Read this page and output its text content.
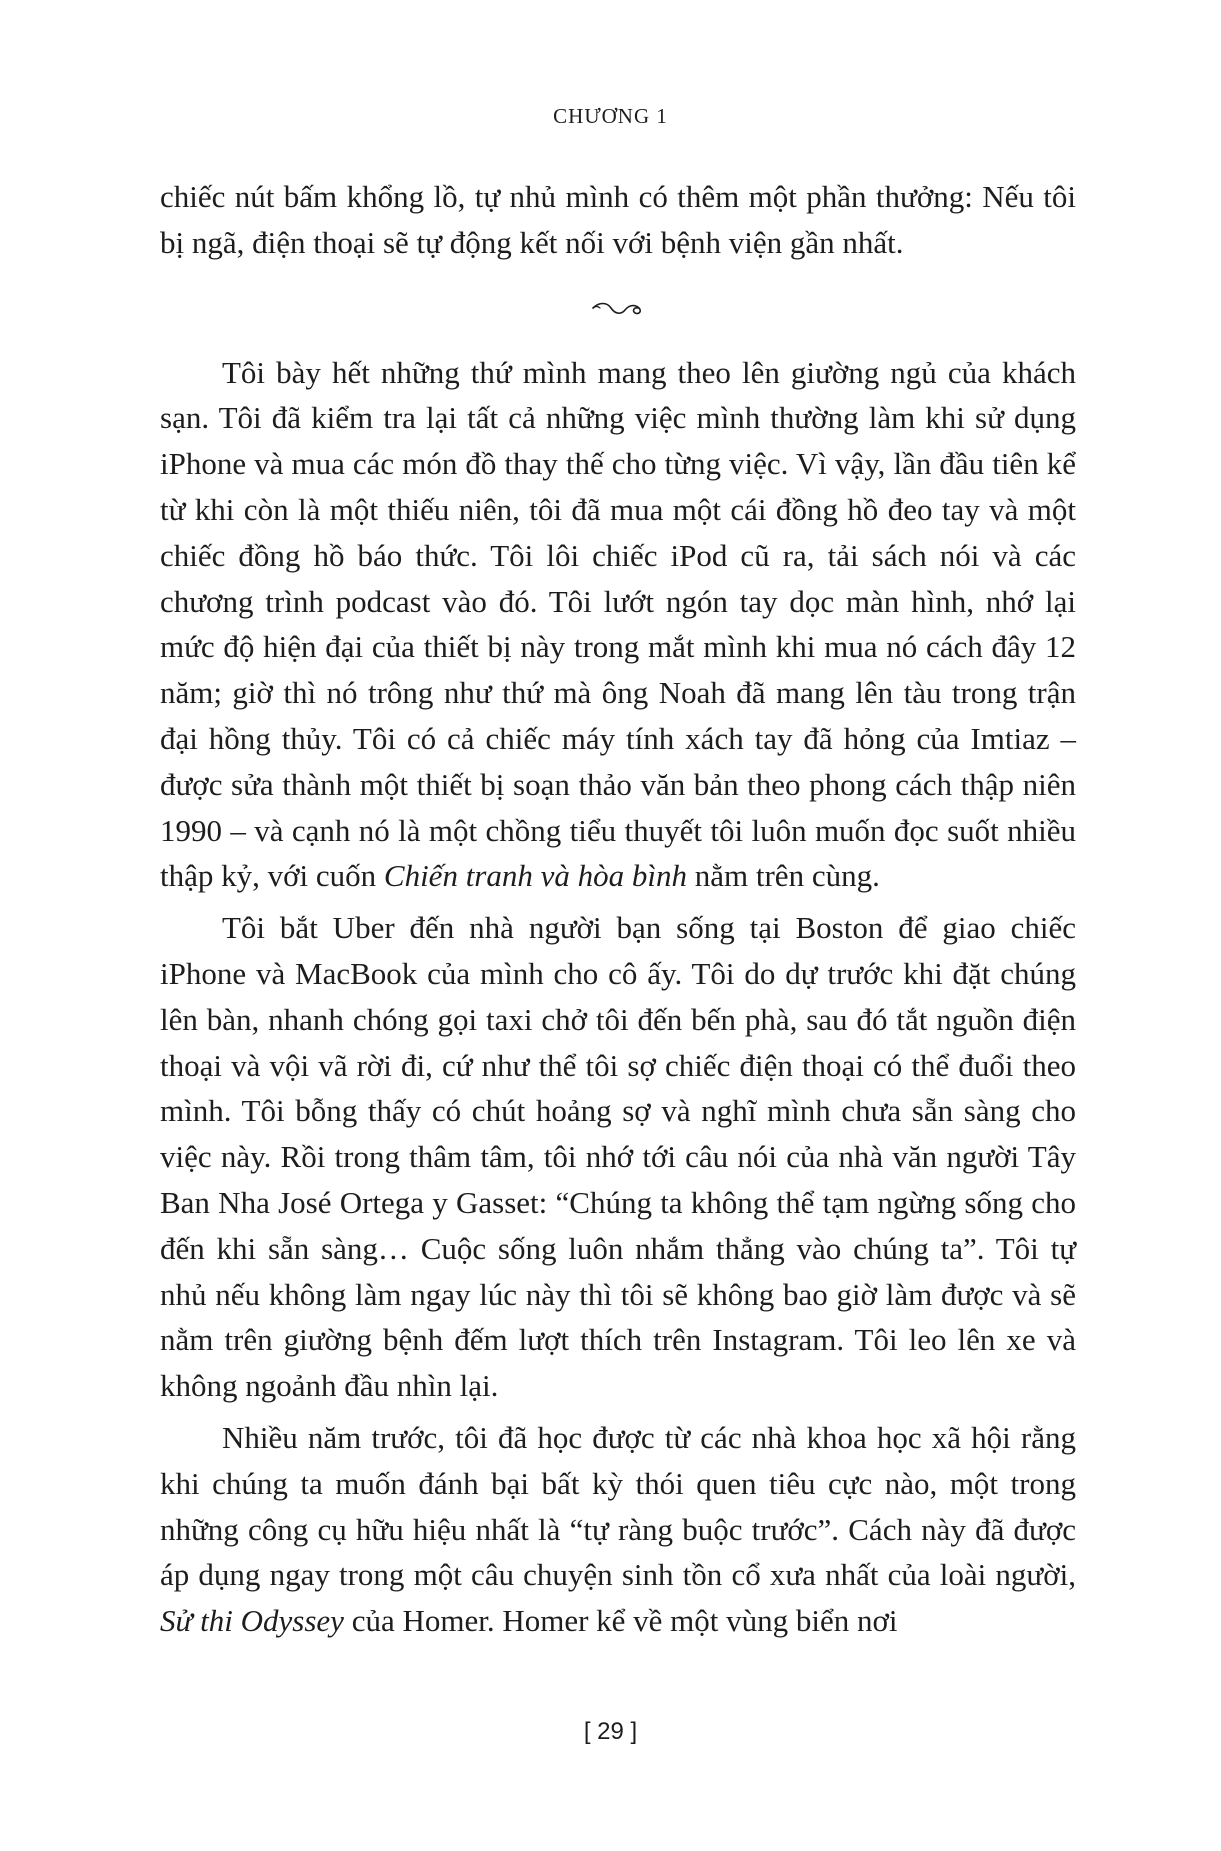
CHƯƠNG 1

chiếc nút bấm khổng lồ, tự nhủ mình có thêm một phần thưởng: Nếu tôi bị ngã, điện thoại sẽ tự động kết nối với bệnh viện gần nhất.

Tôi bày hết những thứ mình mang theo lên giường ngủ của khách sạn. Tôi đã kiểm tra lại tất cả những việc mình thường làm khi sử dụng iPhone và mua các món đồ thay thế cho từng việc. Vì vậy, lần đầu tiên kể từ khi còn là một thiếu niên, tôi đã mua một cái đồng hồ đeo tay và một chiếc đồng hồ báo thức. Tôi lôi chiếc iPod cũ ra, tải sách nói và các chương trình podcast vào đó. Tôi lướt ngón tay dọc màn hình, nhớ lại mức độ hiện đại của thiết bị này trong mắt mình khi mua nó cách đây 12 năm; giờ thì nó trông như thứ mà ông Noah đã mang lên tàu trong trận đại hồng thủy. Tôi có cả chiếc máy tính xách tay đã hỏng của Imtiaz – được sửa thành một thiết bị soạn thảo văn bản theo phong cách thập niên 1990 – và cạnh nó là một chồng tiểu thuyết tôi luôn muốn đọc suốt nhiều thập kỷ, với cuốn Chiến tranh và hòa bình nằm trên cùng.

Tôi bắt Uber đến nhà người bạn sống tại Boston để giao chiếc iPhone và MacBook của mình cho cô ấy. Tôi do dự trước khi đặt chúng lên bàn, nhanh chóng gọi taxi chở tôi đến bến phà, sau đó tắt nguồn điện thoại và vội vã rời đi, cứ như thể tôi sợ chiếc điện thoại có thể đuổi theo mình. Tôi bỗng thấy có chút hoảng sợ và nghĩ mình chưa sẵn sàng cho việc này. Rồi trong thâm tâm, tôi nhớ tới câu nói của nhà văn người Tây Ban Nha José Ortega y Gasset: “Chúng ta không thể tạm ngừng sống cho đến khi sẵn sàng… Cuộc sống luôn nhắm thẳng vào chúng ta”. Tôi tự nhủ nếu không làm ngay lúc này thì tôi sẽ không bao giờ làm được và sẽ nằm trên giường bệnh đếm lượt thích trên Instagram. Tôi leo lên xe và không ngoảnh đầu nhìn lại.

Nhiều năm trước, tôi đã học được từ các nhà khoa học xã hội rằng khi chúng ta muốn đánh bại bất kỳ thói quen tiêu cực nào, một trong những công cụ hữu hiệu nhất là “tự ràng buộc trước”. Cách này đã được áp dụng ngay trong một câu chuyện sinh tồn cổ xưa nhất của loài người, Sử thi Odyssey của Homer. Homer kể về một vùng biển nơi

[ 29 ]
